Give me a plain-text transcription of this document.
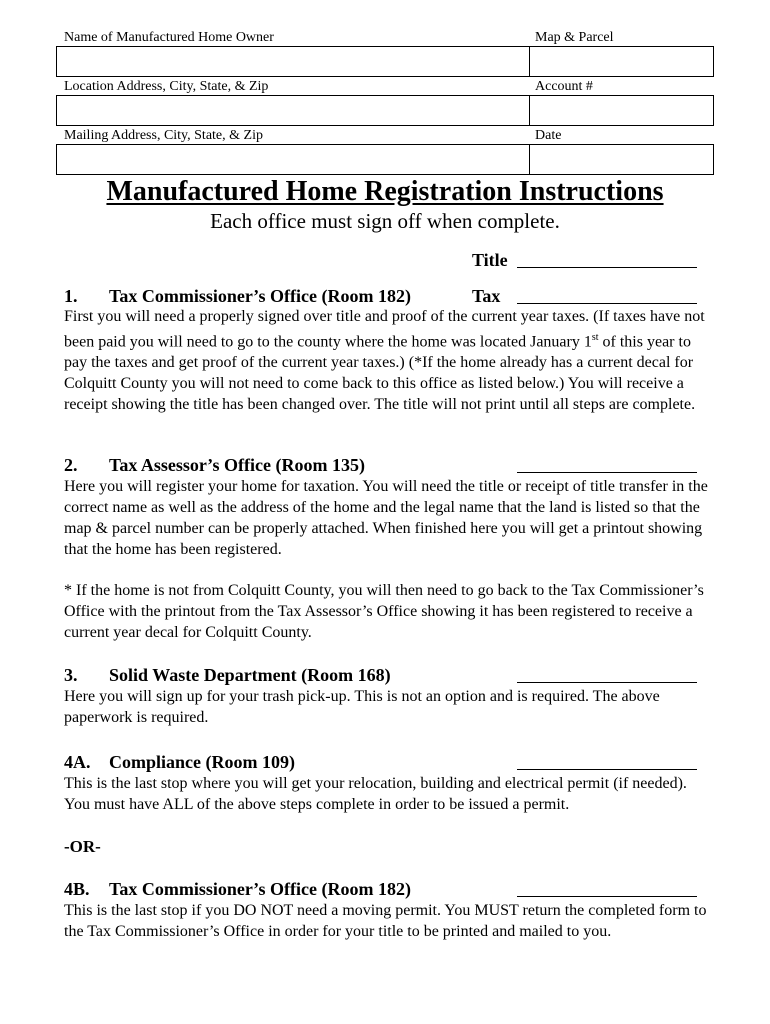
Name of Manufactured Home Owner	Map & Parcel
Location Address, City, State, & Zip	Account #
Mailing Address, City, State, & Zip	Date
Manufactured Home Registration Instructions
Each office must sign off when complete.
Title
1. Tax Commissioner’s Office (Room 182)	Tax
First you will need a properly signed over title and proof of the current year taxes. (If taxes have not been paid you will need to go to the county where the home was located January 1st of this year to pay the taxes and get proof of the current year taxes.) (*If the home already has a current decal for Colquitt County you will not need to come back to this office as listed below.) You will receive a receipt showing the title has been changed over. The title will not print until all steps are complete.
2. Tax Assessor’s Office (Room 135)
Here you will register your home for taxation. You will need the title or receipt of title transfer in the correct name as well as the address of the home and the legal name that the land is listed so that the map & parcel number can be properly attached. When finished here you will get a printout showing that the home has been registered.
* If the home is not from Colquitt County, you will then need to go back to the Tax Commissioner’s Office with the printout from the Tax Assessor’s Office showing it has been registered to receive a current year decal for Colquitt County.
3. Solid Waste Department (Room 168)
Here you will sign up for your trash pick-up. This is not an option and is required. The above paperwork is required.
4A. Compliance (Room 109)
This is the last stop where you will get your relocation, building and electrical permit (if needed). You must have ALL of the above steps complete in order to be issued a permit.
-OR-
4B. Tax Commissioner’s Office (Room 182)
This is the last stop if you DO NOT need a moving permit. You MUST return the completed form to the Tax Commissioner’s Office in order for your title to be printed and mailed to you.
